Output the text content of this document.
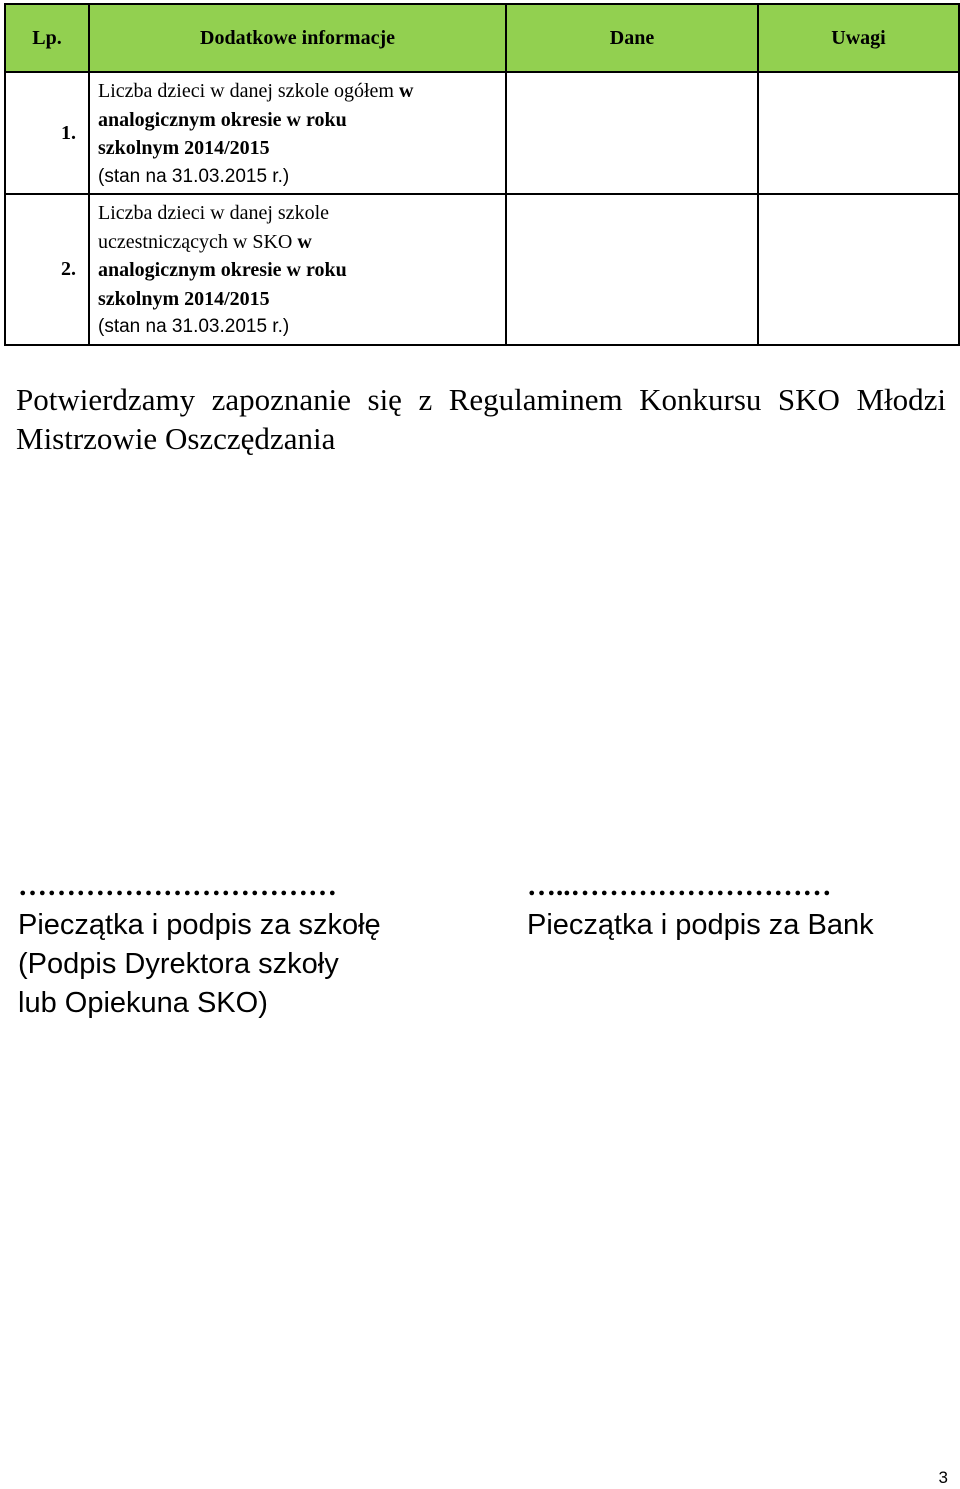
Lp.	Dodatkowe informacje	Dane	Uwagi
1.	Liczba dzieci w danej szkole ogółem w
analogicznym okresie w roku
szkolnym 2014/2015
(stan na 31.03.2015 r.)		

2.	Liczba dzieci w danej szkole
uczestniczących w SKO w
analogicznym okresie w roku
szkolnym 2014/2015
(stan na 31.03.2015 r.)		

Potwierdzamy zapoznanie się z Regulaminem Konkursu SKO Młodzi Mistrzowie Oszczędzania
……………………………
Pieczątka i podpis za szkołę
(Podpis Dyrektora szkoły
lub Opiekuna SKO)
…..………………………
Pieczątka i podpis za Bank
3
